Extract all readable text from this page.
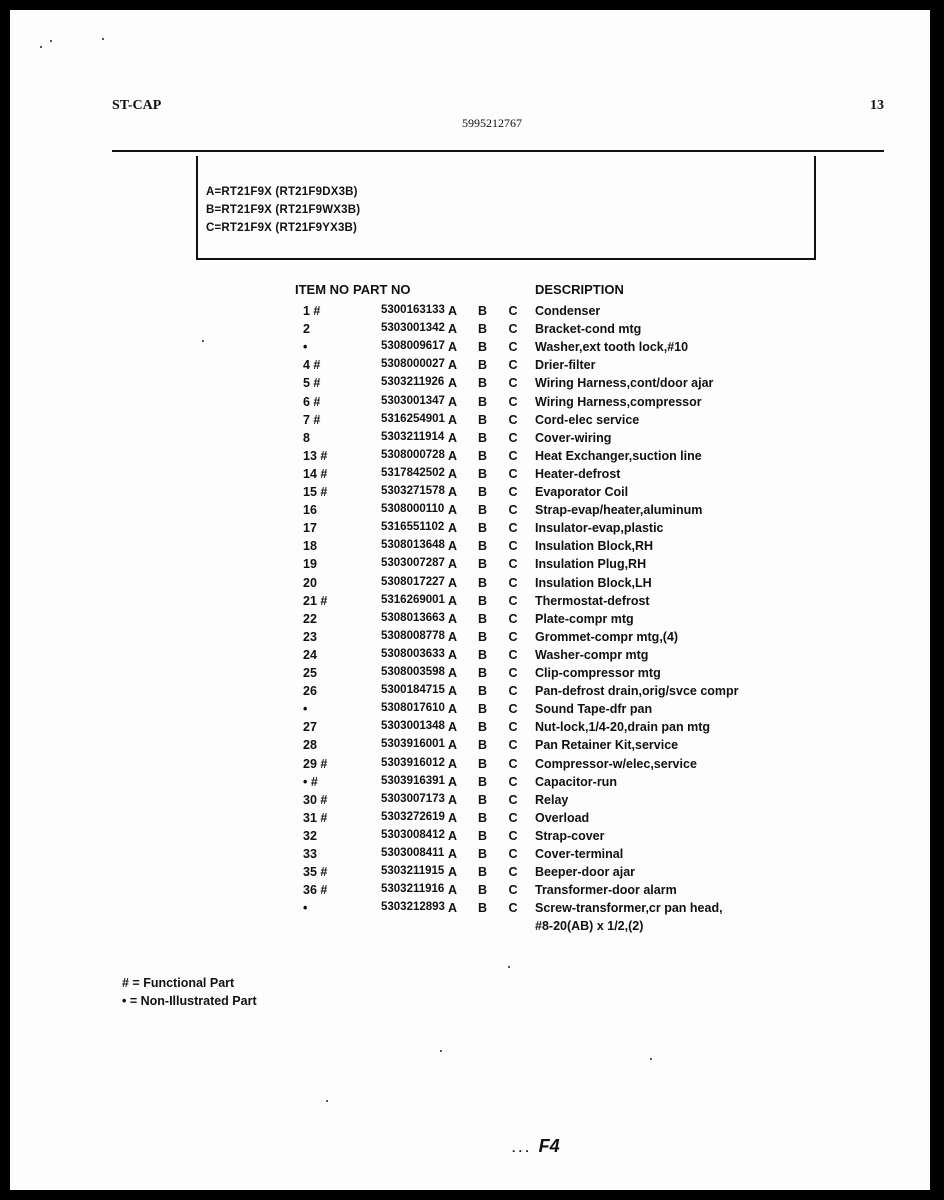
ST-CAP
5995212767
13
A=RT21F9X (RT21F9DX3B)
B=RT21F9X (RT21F9WX3B)
C=RT21F9X (RT21F9YX3B)
ITEM NO PART NO	DESCRIPTION
1 #	5300163133 A B C Condenser
2	5303001342 A B C Bracket-cond mtg
•	5308009617 A B C Washer,ext tooth lock,#10
4 #	5308000027 A B C Drier-filter
5 #	5303211926 A B C Wiring Harness,cont/door ajar
6 #	5303001347 A B C Wiring Harness,compressor
7 #	5316254901 A B C Cord-elec service
8	5303211914 A B C Cover-wiring
13 #	5308000728 A B C Heat Exchanger,suction line
14 #	5317842502 A B C Heater-defrost
15 #	5303271578 A B C Evaporator Coil
16	5308000110 A B C Strap-evap/heater,aluminum
17	5316551102 A B C Insulator-evap,plastic
18	5308013648 A B C Insulation Block,RH
19	5303007287 A B C Insulation Plug,RH
20	5308017227 A B C Insulation Block,LH
21 #	5316269001 A B C Thermostat-defrost
22	5308013663 A B C Plate-compr mtg
23	5308008778 A B C Grommet-compr mtg,(4)
24	5308003633 A B C Washer-compr mtg
25	5308003598 A B C Clip-compressor mtg
26	5300184715 A B C Pan-defrost drain,orig/svce compr
•	5308017610 A B C Sound Tape-dfr pan
27	5303001348 A B C Nut-lock,1/4-20,drain pan mtg
28	5303916001 A B C Pan Retainer Kit,service
29 #	5303916012 A B C Compressor-w/elec,service
• #	5303916391 A B C Capacitor-run
30 #	5303007173 A B C Relay
31 #	5303272619 A B C Overload
32	5303008412 A B C Strap-cover
33	5303008411 A B C Cover-terminal
35 #	5303211915 A B C Beeper-door ajar
36 #	5303211916 A B C Transformer-door alarm
•	5303212893 A B C Screw-transformer,cr pan head,
#8-20(AB) x 1/2,(2)
# = Functional Part
• = Non-Illustrated Part
. . . F4
